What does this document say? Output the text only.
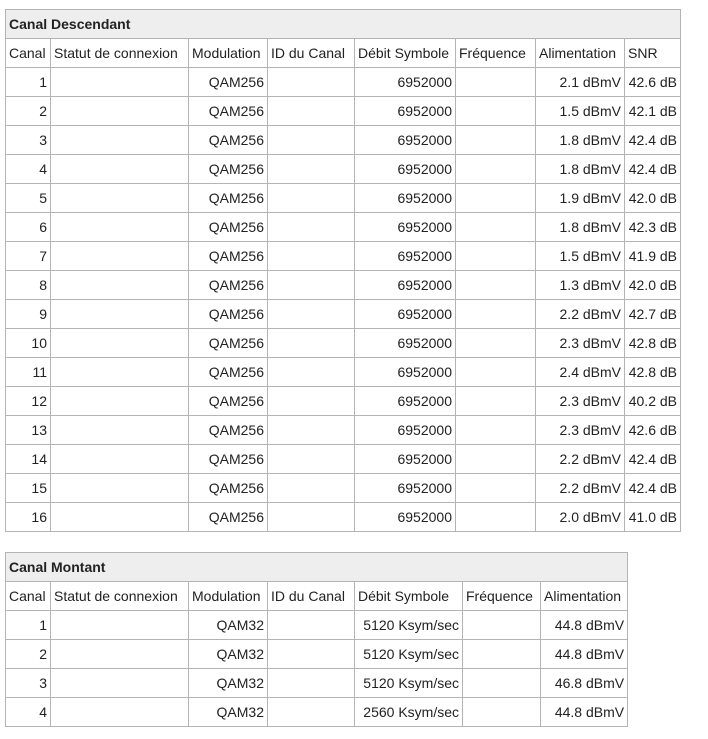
Canal Descendant							
Canal	Statut de connexion	Modulation	ID du Canal	Débit Symbole	Fréquence	Alimentation	SNR
1		QAM256		6952000		2.1 dBmV	42.6 dB
2		QAM256		6952000		1.5 dBmV	42.1 dB
3		QAM256		6952000		1.8 dBmV	42.4 dB
4		QAM256		6952000		1.8 dBmV	42.4 dB
5		QAM256		6952000		1.9 dBmV	42.0 dB
6		QAM256		6952000		1.8 dBmV	42.3 dB
7		QAM256		6952000		1.5 dBmV	41.9 dB
8		QAM256		6952000		1.3 dBmV	42.0 dB
9		QAM256		6952000		2.2 dBmV	42.7 dB
10		QAM256		6952000		2.3 dBmV	42.8 dB
11		QAM256		6952000		2.4 dBmV	42.8 dB
12		QAM256		6952000		2.3 dBmV	40.2 dB
13		QAM256		6952000		2.3 dBmV	42.6 dB
14		QAM256		6952000		2.2 dBmV	42.4 dB
15		QAM256		6952000		2.2 dBmV	42.4 dB
16		QAM256		6952000		2.0 dBmV	41.0 dB
Canal Montant						
Canal	Statut de connexion	Modulation	ID du Canal	Débit Symbole	Fréquence	Alimentation
1		QAM32		5120 Ksym/sec		44.8 dBmV
2		QAM32		5120 Ksym/sec		44.8 dBmV
3		QAM32		5120 Ksym/sec		46.8 dBmV
4		QAM32		2560 Ksym/sec		44.8 dBmV
